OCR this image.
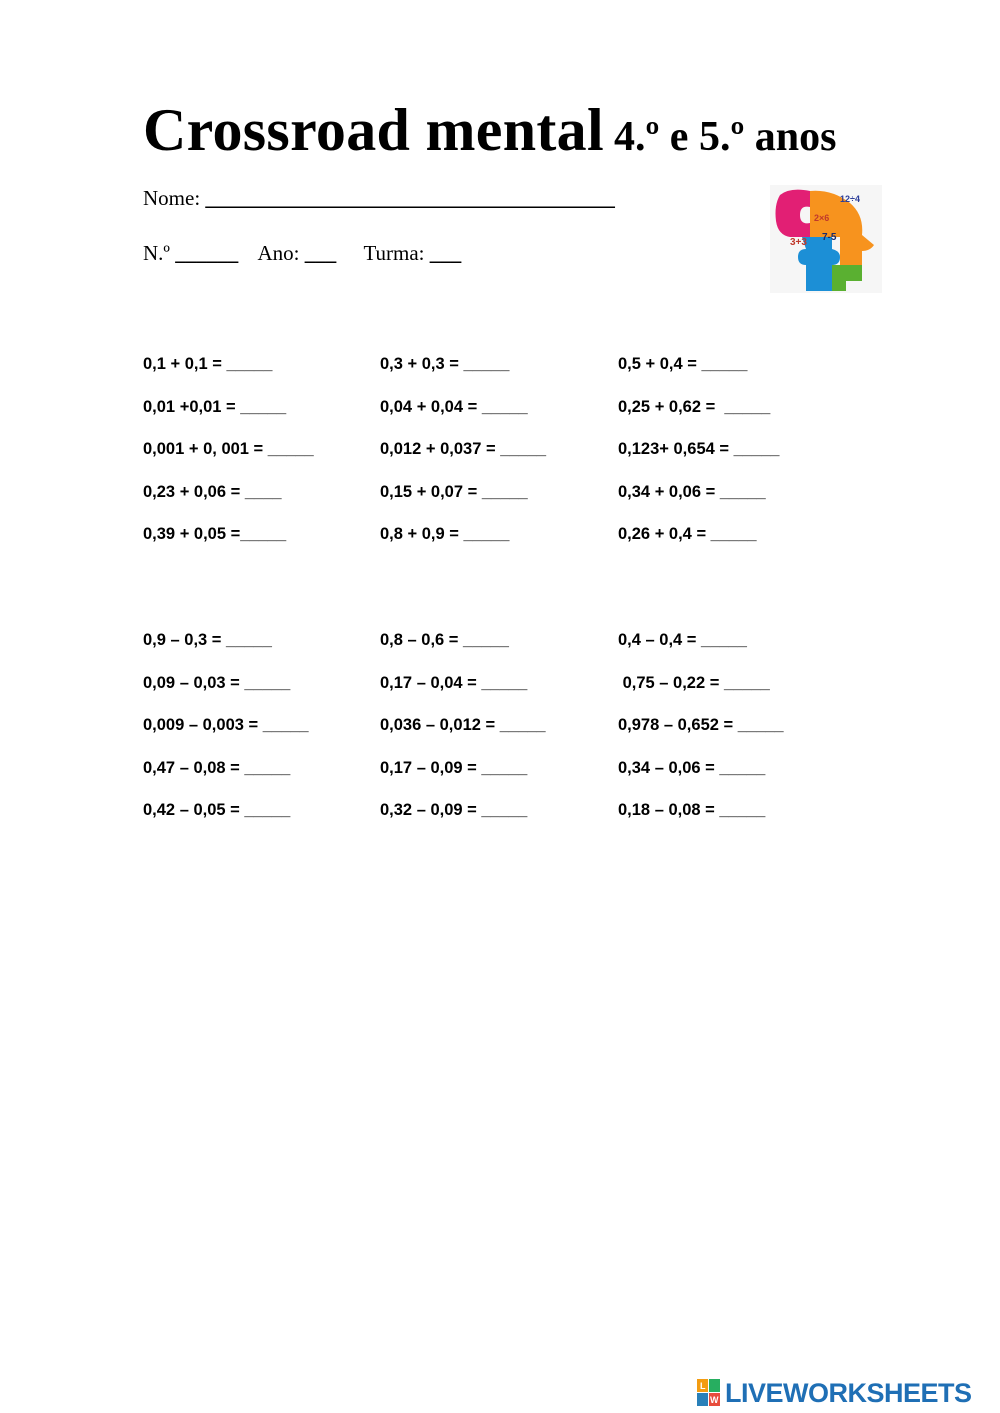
Crossroad mental 4.º e 5.º anos
Nome: _______________________________________
N.º ______ Ano: ___ Turma: ___
12÷4
2×6
7-5
3+3
0,1 + 0,1 = _____	0,3 + 0,3 = _____	0,5 + 0,4 = _____
0,01 +0,01 = _____	0,04 + 0,04 = _____	0,25 + 0,62 =  _____
0,001 + 0, 001 = _____	0,012 + 0,037 = _____	0,123+ 0,654 = _____
0,23 + 0,06 = ____	0,15 + 0,07 = _____	0,34 + 0,06 = _____
0,39 + 0,05 =_____	0,8 + 0,9 = _____	0,26 + 0,4 = _____
0,9 – 0,3 = _____	0,8 – 0,6 = _____	0,4 – 0,4 = _____
0,09 – 0,03 = _____	0,17 – 0,04 = _____	0,75 – 0,22 = _____
0,009 – 0,003 = _____	0,036 – 0,012 = _____	0,978 – 0,652 = _____
0,47 – 0,08 = _____	0,17 – 0,09 = _____	0,34 – 0,06 = _____
0,42 – 0,05 = _____	0,32 – 0,09 = _____	0,18 – 0,08 = _____
L
W LIVEWORKSHEETS
